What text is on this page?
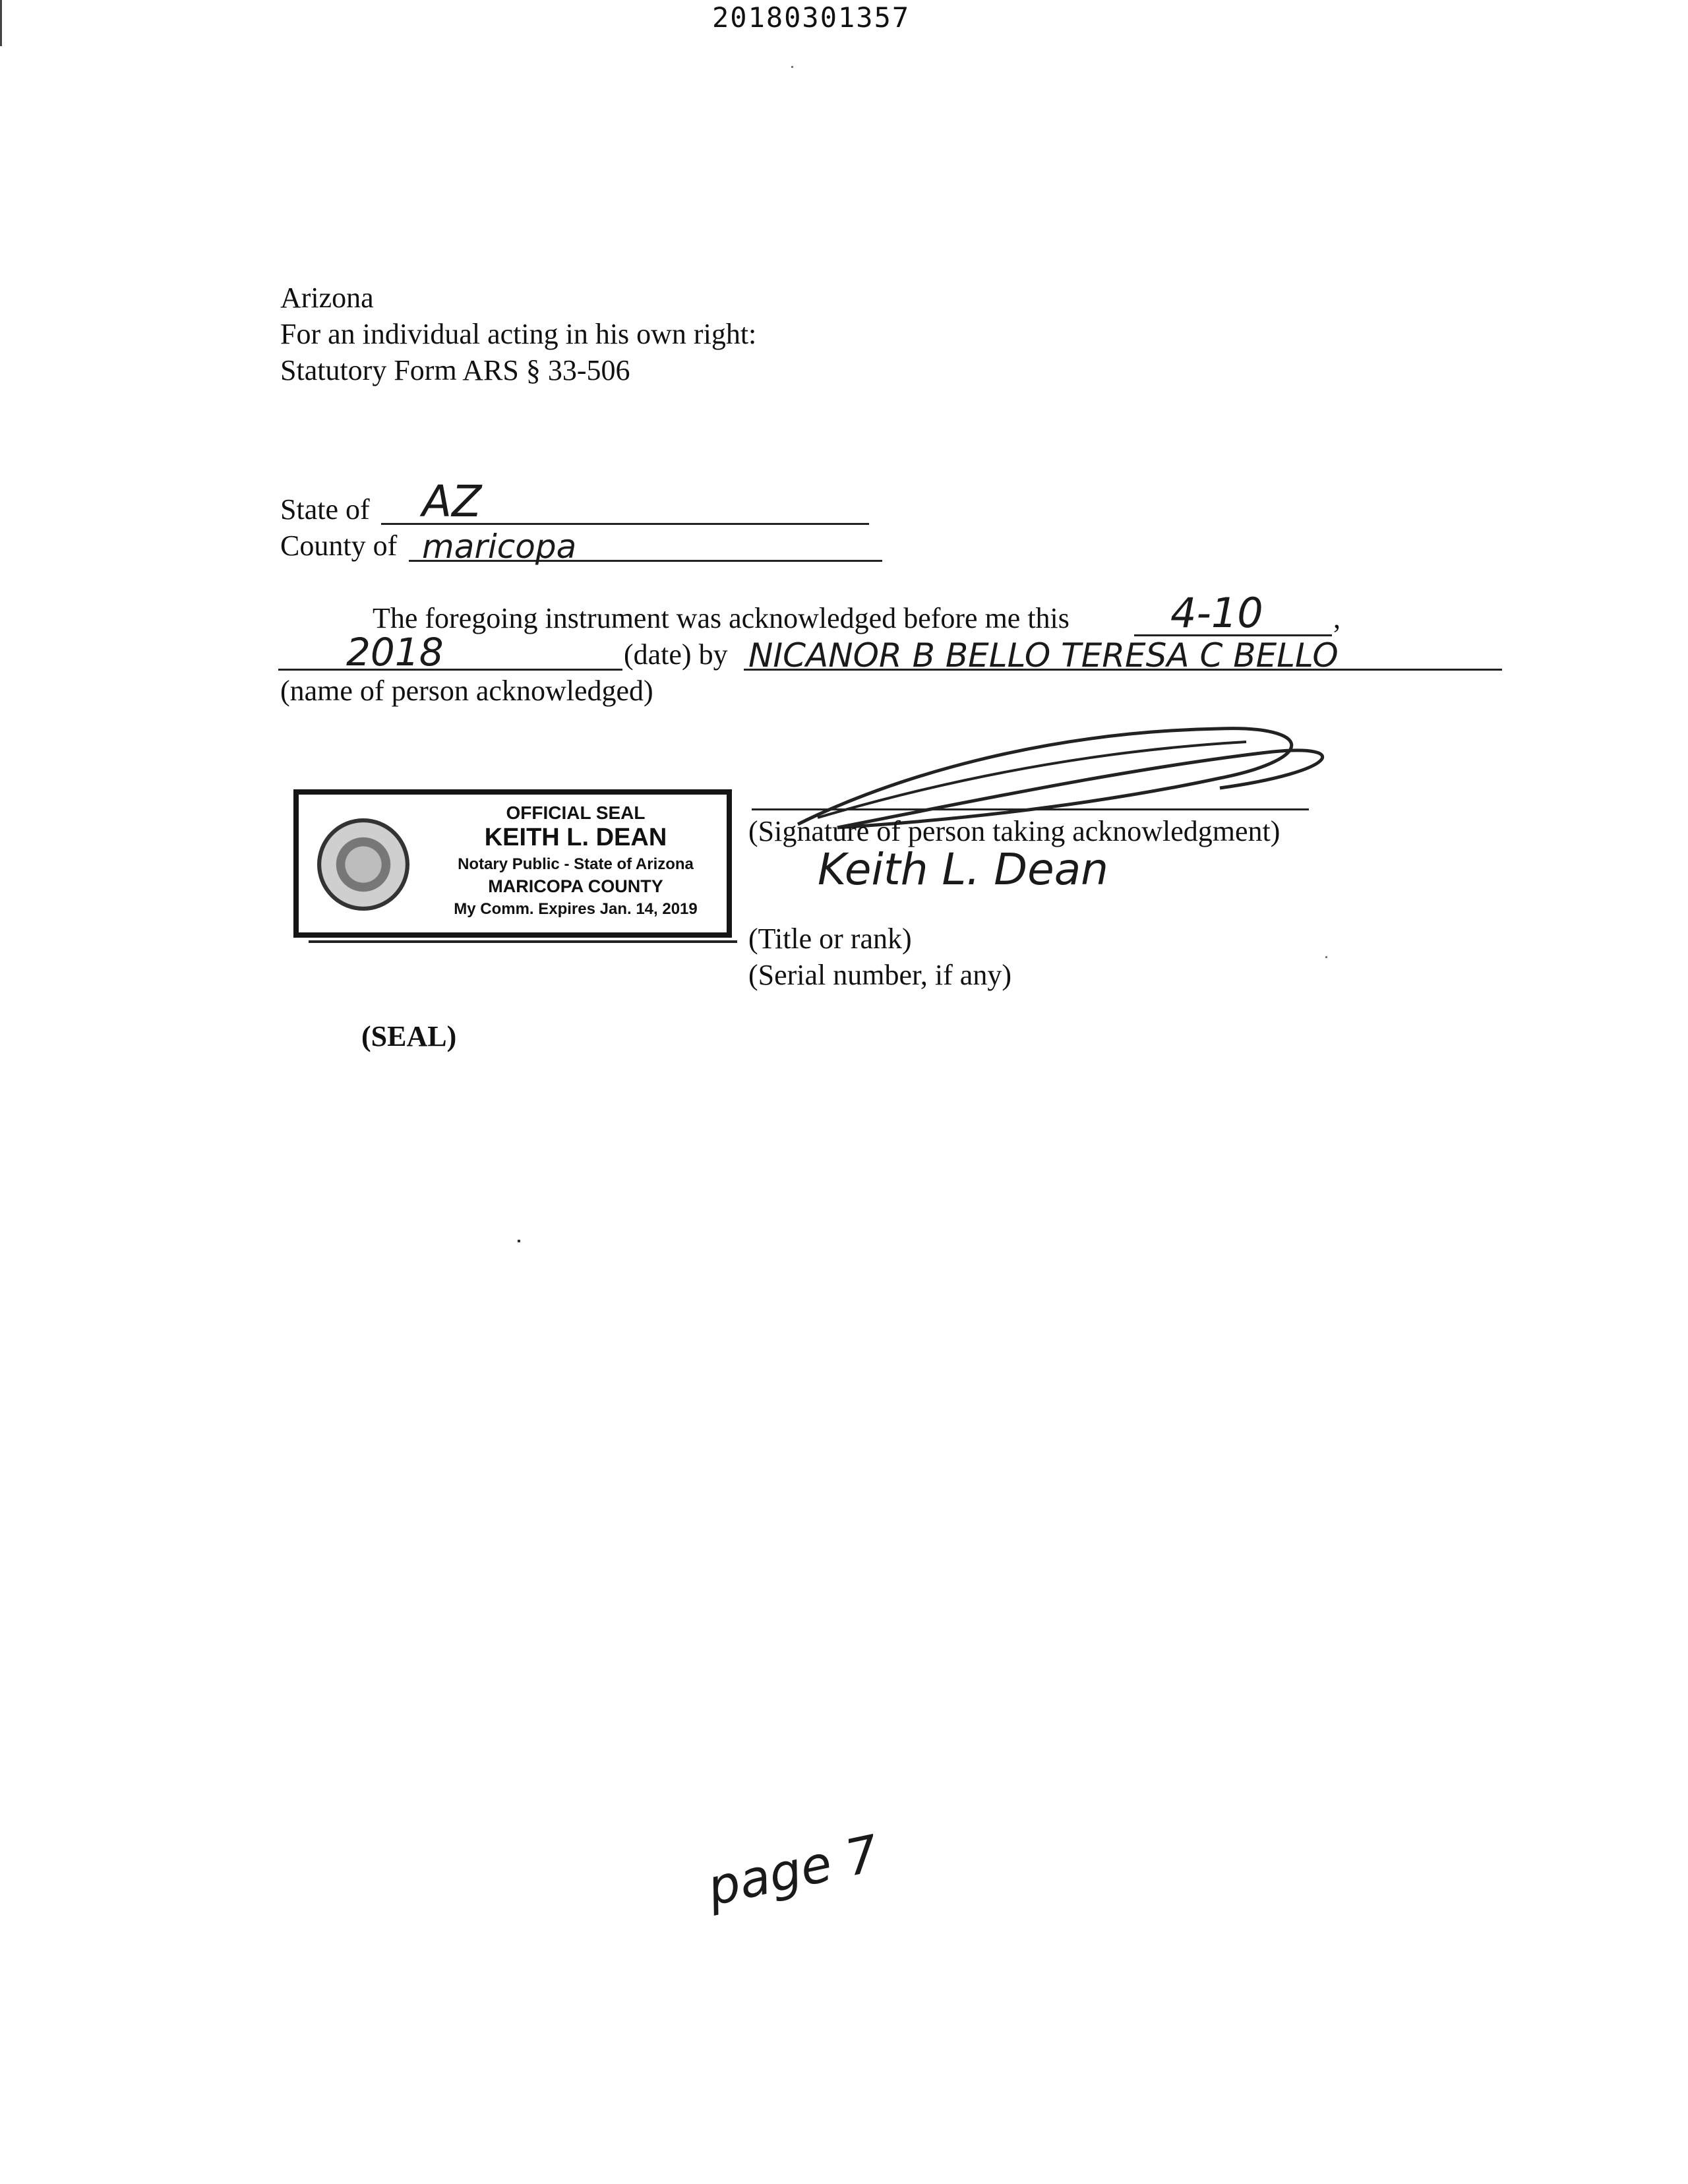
20180301357
Arizona
For an individual acting in his own right:
Statutory Form ARS § 33-506
State of AZ
County of maricopa
The foregoing instrument was acknowledged before me this 4-10 ,
2018	(date) by NICANOR B BELLO TERESA C BELLO
(name of person acknowledged)
OFFICIAL SEAL
KEITH L. DEAN
Notary Public - State of Arizona
MARICOPA COUNTY
My Comm. Expires Jan. 14, 2019
(Signature of person taking acknowledgment)
Keith L. Dean
(Title or rank)
(Serial number, if any)
(SEAL)
page 7
